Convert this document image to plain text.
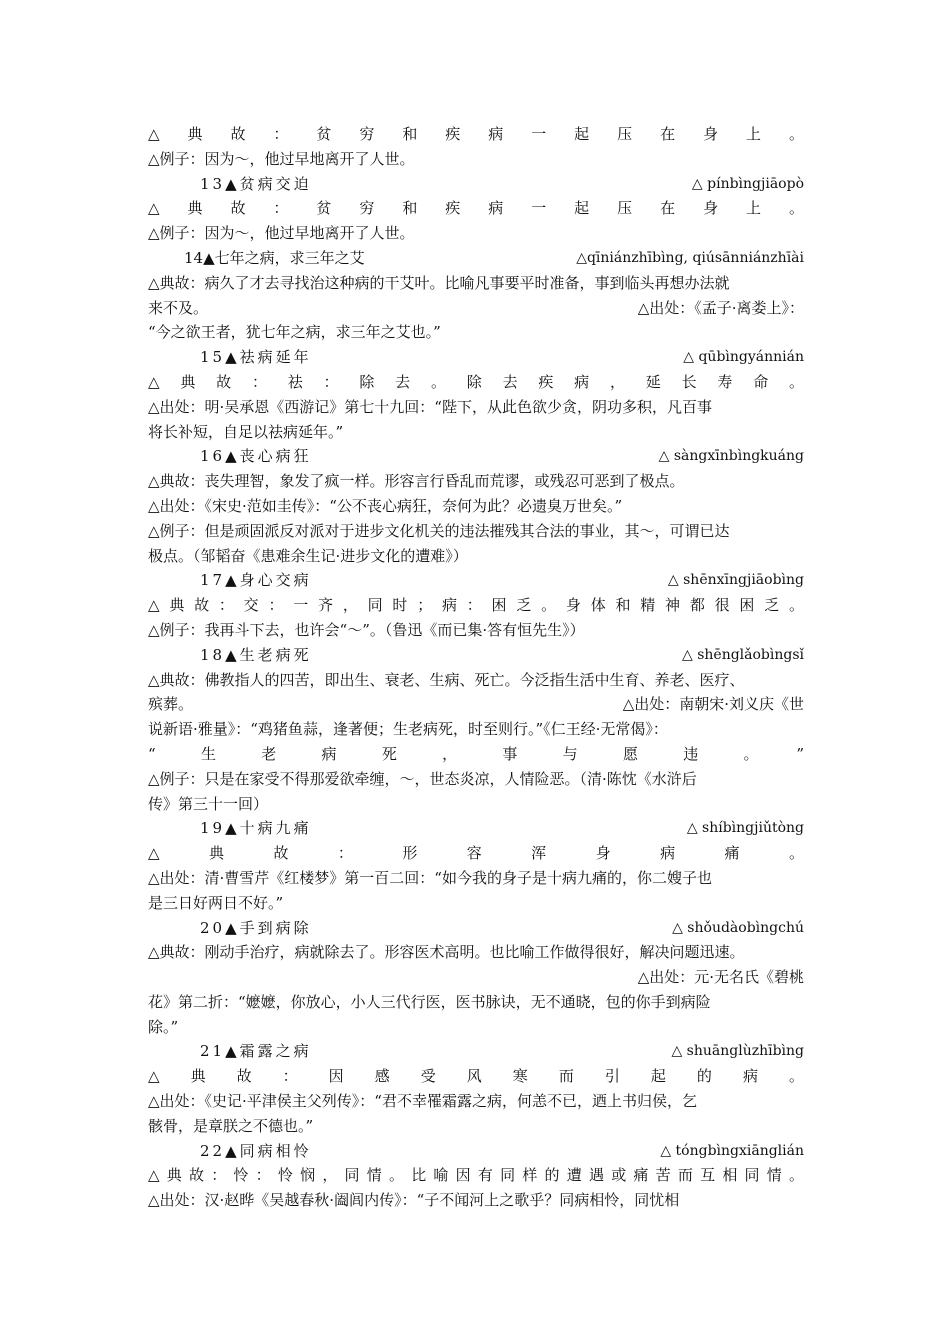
△典故：贫穷和疾病一起压在身上。
△例子：因为～，他过早地离开了人世。
13▲贫病交迫	△ pínbìngjiāopò
△典故：贫穷和疾病一起压在身上。
△例子：因为～，他过早地离开了人世。
14▲七年之病，求三年之艾	△qīniánzhībìng, qiúsānniánzhīài
△典故：病久了才去寻找治这种病的干艾叶。比喻凡事要平时准备，事到临头再想办法就
来不及。	△出处：《孟子·离娄上》：
“今之欲王者，犹七年之病，求三年之艾也。”
15▲祛病延年	△ qūbìngyánnián
△典故：祛：除去。除去疾病，延长寿命。
△出处：明·吴承恩《西游记》第七十九回：“陛下，从此色欲少贪，阴功多积，凡百事
将长补短，自足以祛病延年。”
16▲丧心病狂	△ sàngxīnbìngkuáng
△典故：丧失理智，象发了疯一样。形容言行昏乱而荒谬，或残忍可恶到了极点。
△出处：《宋史·范如圭传》：“公不丧心病狂，奈何为此？必遗臭万世矣。”
△例子：但是顽固派反对派对于进步文化机关的违法摧残其合法的事业，其～，可谓已达
极点。（邹韬奋《患难余生记·进步文化的遭难》）
17▲身心交病	△ shēnxīngjiāobìng
△典故：交：一齐，同时；病：困乏。身体和精神都很困乏。
△例子：我再斗下去，也许会“～”。（鲁迅《而已集·答有恒先生》）
18▲生老病死	△ shēnglǎobìngsǐ
△典故：佛教指人的四苦，即出生、衰老、生病、死亡。今泛指生活中生育、养老、医疗、
殡葬。	△出处：南朝宋·刘义庆《世
说新语·雅量》：“鸡猪鱼蒜，逢著便；生老病死，时至则行。”《仁王经·无常偈》：
“生老病死，事与愿违。”
△例子：只是在家受不得那爱欲牵缠，～，世态炎凉，人情险恶。（清·陈忱《水浒后
传》第三十一回）
19▲十病九痛	△ shíbìngjiǔtòng
△典故：形容浑身病痛。
△出处：清·曹雪芹《红楼梦》第一百二回：“如今我的身子是十病九痛的，你二嫂子也
是三日好两日不好。”
20▲手到病除	△ shǒudàobìngchú
△典故：刚动手治疗，病就除去了。形容医术高明。也比喻工作做得很好，解决问题迅速。
△出处：元·无名氏《碧桃
花》第二折：“嬷嬷，你放心，小人三代行医，医书脉诀，无不通晓，包的你手到病险
除。”
21▲霜露之病	△ shuānglùzhībìng
△典故：因感受风寒而引起的病。
△出处：《史记·平津侯主父列传》：“君不幸罹霜露之病，何恙不已，迺上书归侯，乞
骸骨，是章朕之不德也。”
22▲同病相怜	△ tóngbìngxiānglián
△典故：怜：怜悯，同情。比喻因有同样的遭遇或痛苦而互相同情。
△出处：汉·赵晔《吴越春秋·阖闾内传》：“子不闻河上之歌乎？同病相怜，同忧相
